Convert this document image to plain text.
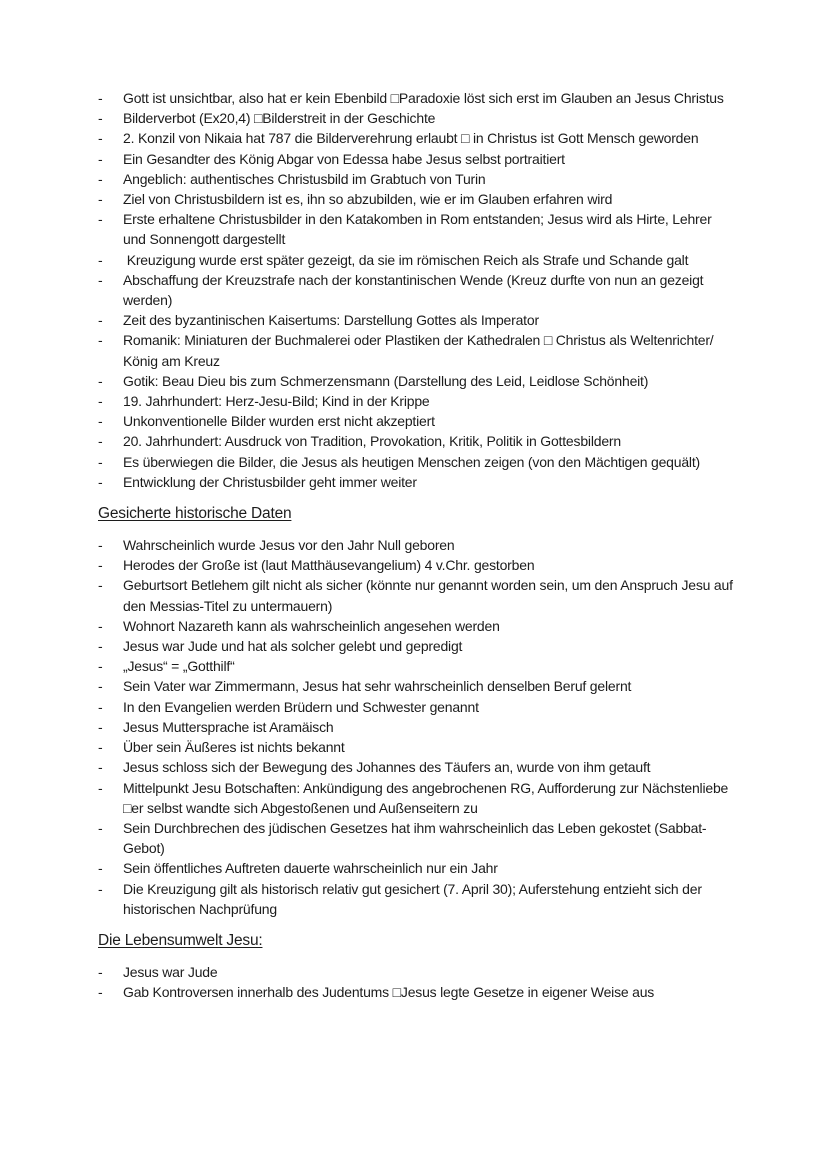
-	Gott ist unsichtbar, also hat er kein Ebenbild □Paradoxie löst sich erst im Glauben an Jesus Christus
-	Bilderverbot (Ex20,4) □Bilderstreit in der Geschichte
-	2. Konzil von Nikaia hat 787 die Bilderverehrung erlaubt □ in Christus ist Gott Mensch geworden
-	Ein Gesandter des König Abgar von Edessa habe Jesus selbst portraitiert
-	Angeblich: authentisches Christusbild im Grabtuch von Turin
-	Ziel von Christusbildern ist es, ihn so abzubilden, wie er im Glauben erfahren wird
-	Erste erhaltene Christusbilder in den Katakomben in Rom entstanden; Jesus wird als Hirte, Lehrer und Sonnengott dargestellt
-	Kreuzigung wurde erst später gezeigt, da sie im römischen Reich als Strafe und Schande galt
-	Abschaffung der Kreuzstrafe nach der konstantinischen Wende (Kreuz durfte von nun an gezeigt werden)
-	Zeit des byzantinischen Kaisertums: Darstellung Gottes als Imperator
-	Romanik: Miniaturen der Buchmalerei oder Plastiken der Kathedralen □ Christus als Weltenrichter/ König am Kreuz
-	Gotik: Beau Dieu bis zum Schmerzensmann (Darstellung des Leid, Leidlose Schönheit)
-	19. Jahrhundert: Herz-Jesu-Bild; Kind in der Krippe
-	Unkonventionelle Bilder wurden erst nicht akzeptiert
-	20. Jahrhundert: Ausdruck von Tradition, Provokation, Kritik, Politik in Gottesbildern
-	Es überwiegen die Bilder, die Jesus als heutigen Menschen zeigen (von den Mächtigen gequält)
-	Entwicklung der Christusbilder geht immer weiter
Gesicherte historische Daten
-	Wahrscheinlich wurde Jesus vor den Jahr Null geboren
-	Herodes der Große ist (laut Matthäusevangelium) 4 v.Chr. gestorben
-	Geburtsort Betlehem gilt nicht als sicher (könnte nur genannt worden sein, um den Anspruch Jesu auf den Messias-Titel zu untermauern)
-	Wohnort Nazareth kann als wahrscheinlich angesehen werden
-	Jesus war Jude und hat als solcher gelebt und gepredigt
-	„Jesus“ = „Gotthilf“
-	Sein Vater war Zimmermann, Jesus hat sehr wahrscheinlich denselben Beruf gelernt
-	In den Evangelien werden Brüdern und Schwester genannt
-	Jesus Muttersprache ist Aramäisch
-	Über sein Äußeres ist nichts bekannt
-	Jesus schloss sich der Bewegung des Johannes des Täufers an, wurde von ihm getauft
-	Mittelpunkt Jesu Botschaften: Ankündigung des angebrochenen RG, Aufforderung zur Nächstenliebe □er selbst wandte sich Abgestoßenen und Außenseitern zu
-	Sein Durchbrechen des jüdischen Gesetzes hat ihm wahrscheinlich das Leben gekostet (Sabbat-Gebot)
-	Sein öffentliches Auftreten dauerte wahrscheinlich nur ein Jahr
-	Die Kreuzigung gilt als historisch relativ gut gesichert (7. April 30); Auferstehung entzieht sich der historischen Nachprüfung
Die Lebensumwelt Jesu:
-	Jesus war Jude
-	Gab Kontroversen innerhalb des Judentums □Jesus legte Gesetze in eigener Weise aus
